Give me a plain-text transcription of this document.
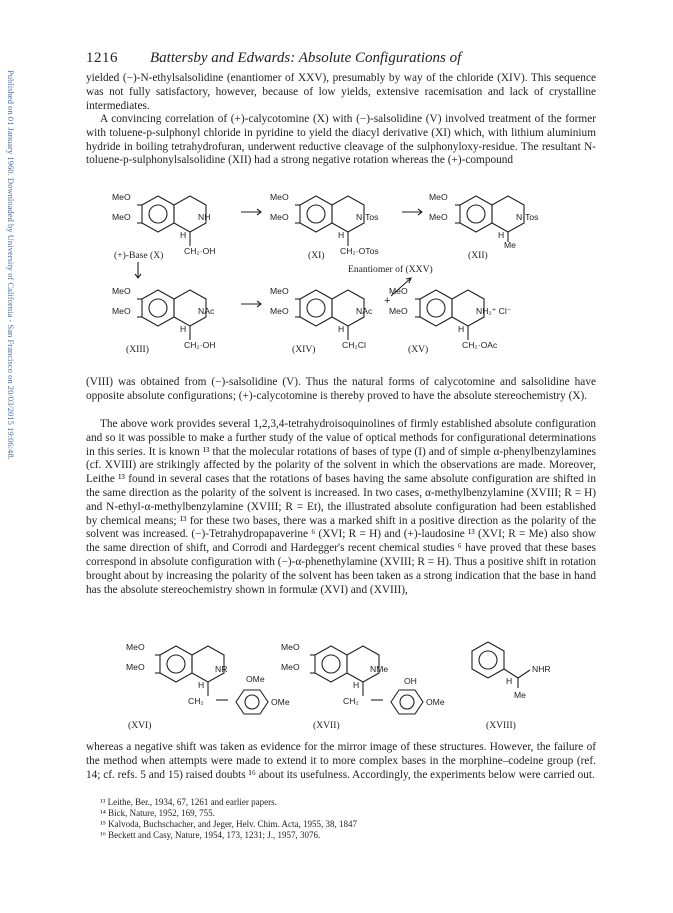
Published on 01 January 1960. Downloaded by University of California - San Francisco on 20/03/2015 19:06:48.
1216 Battersby and Edwards: Absolute Configurations of

yielded (−)-N-ethylsalsolidine (enantiomer of XXV), presumably by way of the chloride (XIV). This sequence was not fully satisfactory, however, because of low yields, extensive racemisation and lack of crystalline intermediates.

A convincing correlation of (+)-calycotomine (X) with (−)-salsolidine (V) involved treatment of the former with toluene-p-sulphonyl chloride in pyridine to yield the diacyl derivative (XI) which, with lithium aluminium hydride in boiling tetrahydrofuran, underwent reductive cleavage of the sulphonyloxy-residue. The resultant N-toluene-p-sulphonylsalsolidine (XII) had a strong negative rotation whereas the (+)-compound

MeO
MeO	NH
H
CH₂·OH
(+)-Base (X)
MeO
MeO	N·Tos
H
CH₂·OTos
(XI)
MeO
MeO	N·Tos
H
Me
(XII)
Enantiomer of (XXV)
MeO
MeO	NAc
H
CH₂·OH
(XIII)
MeO
MeO	NAc
H
CH₂Cl
(XIV)
+
MeO
MeO	NH₂⁺ Cl⁻
H
CH₂·OAc
(XV)

(VIII) was obtained from (−)-salsolidine (V). Thus the natural forms of calycotomine and salsolidine have opposite absolute configurations; (+)-calycotomine is thereby proved to have the absolute stereochemistry (X).

The above work provides several 1,2,3,4-tetrahydroisoquinolines of firmly established absolute configuration and so it was possible to make a further study of the value of optical methods for configurational determinations in this series. It is known ¹³ that the molecular rotations of bases of type (I) and of simple α-phenylbenzylamines (cf. XVIII) are strikingly affected by the polarity of the solvent in which the observations are made. Moreover, Leithe ¹³ found in several cases that the rotations of bases having the same absolute configuration are shifted in the same direction as the polarity of the solvent is increased. In two cases, α-methylbenzylamine (XVIII; R = H) and N-ethyl-α-methylbenzylamine (XVIII; R = Et), the illustrated absolute configuration had been established by chemical means; ¹³ for these two bases, there was a marked shift in a positive direction as the polarity of the solvent was increased. (−)-Tetrahydropapaverine ⁶ (XVI; R = H) and (+)-laudosine ¹³ (XVI; R = Me) also show the same direction of shift, and Corrodi and Hardegger's recent chemical studies ⁶ have proved that these bases correspond in absolute configuration with (−)-α-phenethylamine (XVIII; R = H). Thus a positive shift in rotation brought about by increasing the polarity of the solvent has been taken as a strong indication that the base in hand has the absolute stereochemistry shown in formulæ (XVI) and (XVIII),

MeO
MeO	NR
H
OMe
OMe
CH₂
(XVI)
MeO
MeO	NMe
H	OH
OMe
CH₂
(XVII)
NHR
H
Me
(XVIII)

whereas a negative shift was taken as evidence for the mirror image of these structures. However, the failure of the method when attempts were made to extend it to more complex bases in the morphine–codeine group (ref. 14; cf. refs. 5 and 15) raised doubts ¹⁶ about its usefulness. Accordingly, the experiments below were carried out.

¹³ Leithe, Ber., 1934, 67, 1261 and earlier papers.
¹⁴ Bick, Nature, 1952, 169, 755.
¹⁵ Kalvoda, Buchschacher, and Jeger, Helv. Chim. Acta, 1955, 38, 1847
¹⁶ Beckett and Casy, Nature, 1954, 173, 1231; J., 1957, 3076.
